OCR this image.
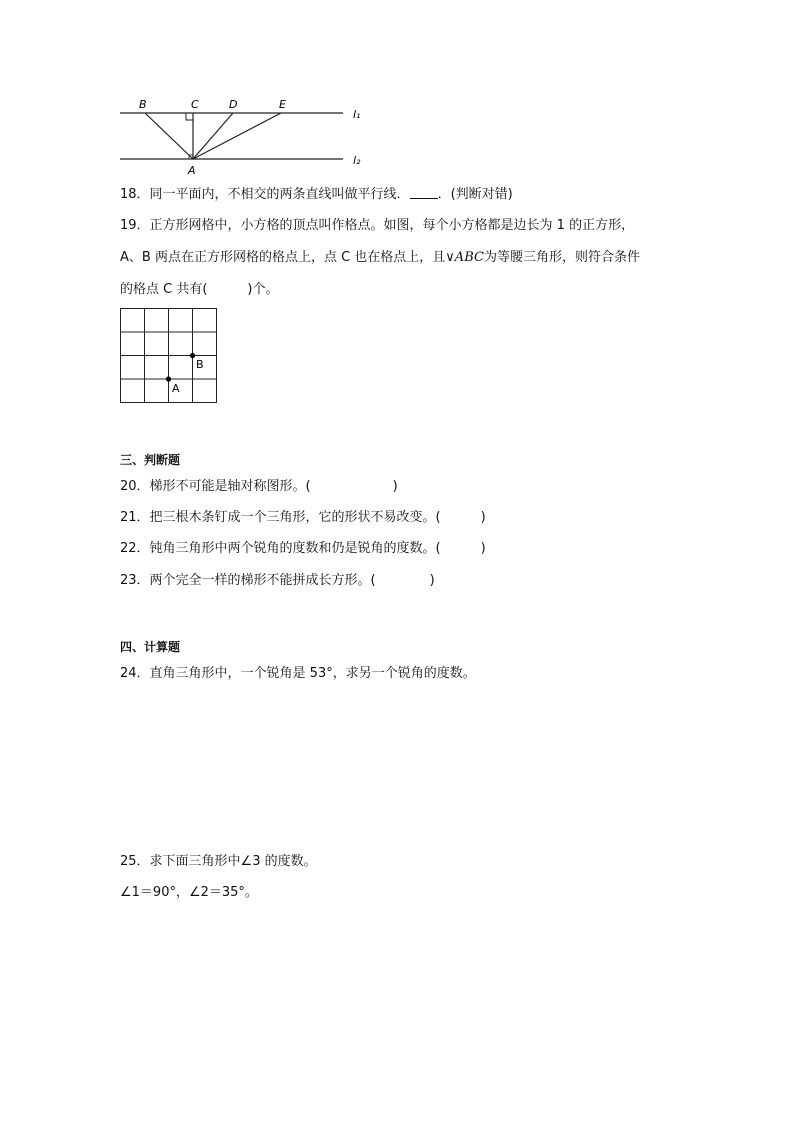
B	C	D	E
A
l₁
l₂
18．同一平面内，不相交的两条直线叫做平行线． ．(判断对错)
19．正方形网格中，小方格的顶点叫作格点。如图，每个小方格都是边长为 1 的正方形，
A、B 两点在正方形网格的格点上，点 C 也在格点上，且∨ABC为等腰三角形，则符合条件
的格点 C 共有(	)个。
B
A
三、判断题
20．梯形不可能是轴对称图形。(	)
21．把三根木条钉成一个三角形，它的形状不易改变。(	)
22．钝角三角形中两个锐角的度数和仍是锐角的度数。(	)
23．两个完全一样的梯形不能拼成长方形。(	)
四、计算题
24．直角三角形中，一个锐角是 53°，求另一个锐角的度数。
25．求下面三角形中∠3 的度数。
∠1＝90°，∠2＝35°。
